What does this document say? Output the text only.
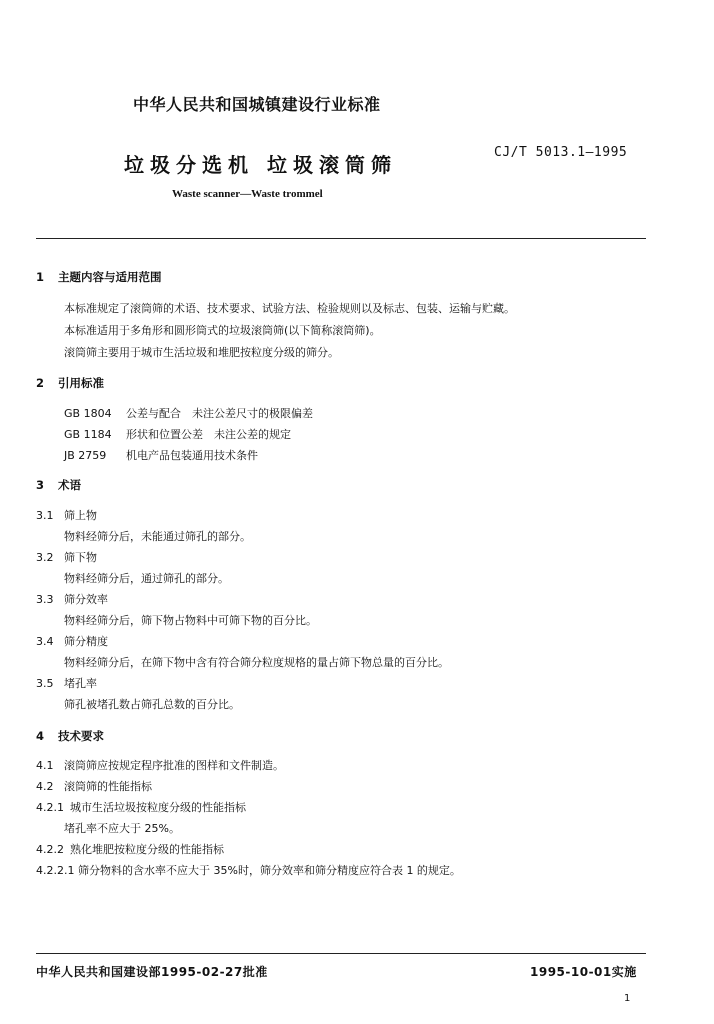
中华人民共和国城镇建设行业标准
垃圾分选机 垃圾滚筒筛
CJ/T 5013.1—1995
Waste scanner—Waste trommel
1 主题内容与适用范围
本标准规定了滚筒筛的术语、技术要求、试验方法、检验规则以及标志、包装、运输与贮藏。
本标准适用于多角形和圆形筒式的垃圾滚筒筛(以下简称滚筒筛)。
滚筒筛主要用于城市生活垃圾和堆肥按粒度分级的筛分。
2 引用标准
GB 1804 公差与配合　未注公差尺寸的极限偏差
GB 1184 形状和位置公差　未注公差的规定
JB 2759 机电产品包装通用技术条件
3 术语
3.1 筛上物
物料经筛分后，未能通过筛孔的部分。
3.2 筛下物
物料经筛分后，通过筛孔的部分。
3.3 筛分效率
物料经筛分后，筛下物占物料中可筛下物的百分比。
3.4 筛分精度
物料经筛分后，在筛下物中含有符合筛分粒度规格的量占筛下物总量的百分比。
3.5 堵孔率
筛孔被堵孔数占筛孔总数的百分比。
4 技术要求
4.1 滚筒筛应按规定程序批准的图样和文件制造。
4.2 滚筒筛的性能指标
4.2.1 城市生活垃圾按粒度分级的性能指标
堵孔率不应大于 25%。
4.2.2 熟化堆肥按粒度分级的性能指标
4.2.2.1 筛分物料的含水率不应大于 35%时，筛分效率和筛分精度应符合表 1 的规定。
中华人民共和国建设部1995-02-27批准	1995-10-01实施
1
